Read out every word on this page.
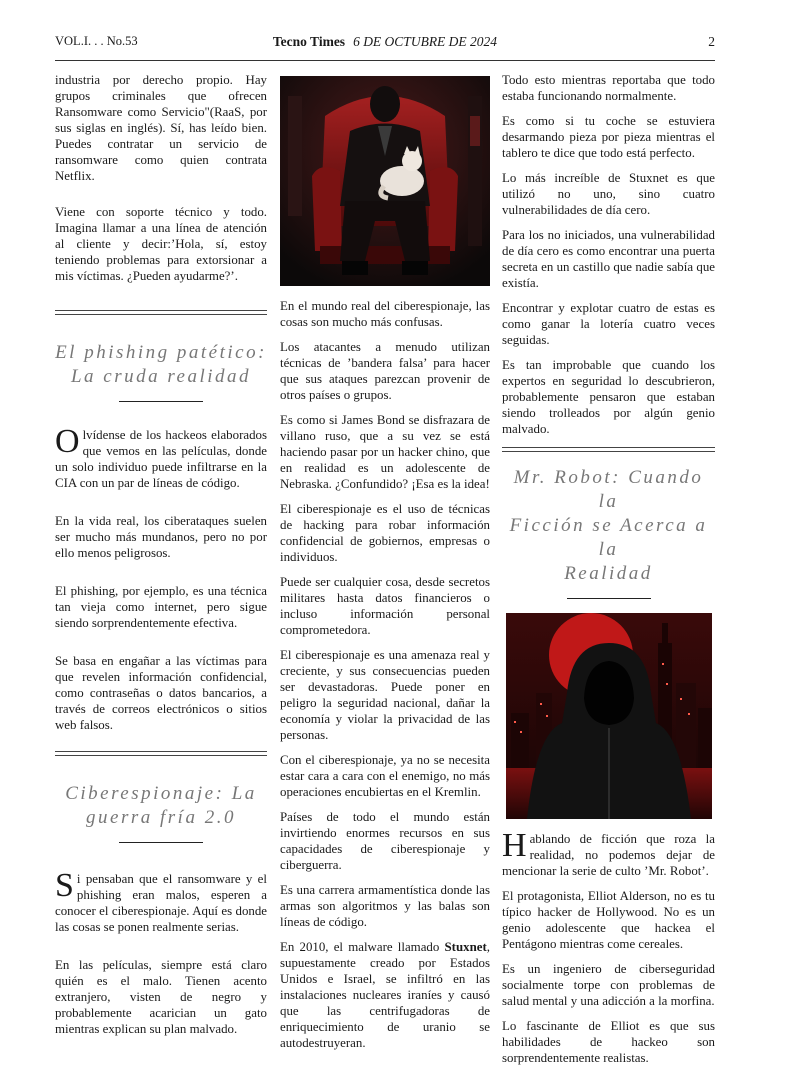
VOL.I. . . No.53	Tecno Times 6 DE OCTUBRE DE 2024	2

industria por derecho propio. Hay grupos criminales que ofrecen Ransomware como Servicio"(RaaS, por sus siglas en inglés). Sí, has leído bien. Puedes contratar un servicio de ransomware como quien contrata Netflix.

Viene con soporte técnico y todo. Imagina llamar a una línea de atención al cliente y decir:’Hola, sí, estoy teniendo problemas para extorsionar a mis víctimas. ¿Pueden ayudarme?’.

El phishing patético:
La cruda realidad

Olvídense de los hackeos elaborados que vemos en las películas, donde un solo individuo puede infiltrarse en la CIA con un par de líneas de código.

En la vida real, los ciberataques suelen ser mucho más mundanos, pero no por ello menos peligrosos.

El phishing, por ejemplo, es una técnica tan vieja como internet, pero sigue siendo sorprendentemente efectiva.

Se basa en engañar a las víctimas para que revelen información confidencial, como contraseñas o datos bancarios, a través de correos electrónicos o sitios web falsos.

Ciberespionaje: La
guerra fría 2.0

Si pensaban que el ransomware y el phishing eran malos, esperen a conocer el ciberespionaje. Aquí es donde las cosas se ponen realmente serias.

En las películas, siempre está claro quién es el malo. Tienen acento extranjero, visten de negro y probablemente acarician un gato mientras explican su plan malvado.

En el mundo real del ciberespionaje, las cosas son mucho más confusas.

Los atacantes a menudo utilizan técnicas de ’bandera falsa’ para hacer que sus ataques parezcan provenir de otros países o grupos.

Es como si James Bond se disfrazara de villano ruso, que a su vez se está haciendo pasar por un hacker chino, que en realidad es un adolescente de Nebraska. ¿Confundido? ¡Esa es la idea!

El ciberespionaje es el uso de técnicas de hacking para robar información confidencial de gobiernos, empresas o individuos.

Puede ser cualquier cosa, desde secretos militares hasta datos financieros o incluso información personal comprometedora.

El ciberespionaje es una amenaza real y creciente, y sus consecuencias pueden ser devastadoras. Puede poner en peligro la seguridad nacional, dañar la economía y violar la privacidad de las personas.

Con el ciberespionaje, ya no se necesita estar cara a cara con el enemigo, no más operaciones encubiertas en el Kremlin.

Países de todo el mundo están invirtiendo enormes recursos en sus capacidades de ciberespionaje y ciberguerra.

Es una carrera armamentística donde las armas son algoritmos y las balas son líneas de código.

En 2010, el malware llamado Stuxnet, supuestamente creado por Estados Unidos e Israel, se infiltró en las instalaciones nucleares iraníes y causó que las centrifugadoras de enriquecimiento de uranio se autodestruyeran.

Todo esto mientras reportaba que todo estaba funcionando normalmente.

Es como si tu coche se estuviera desarmando pieza por pieza mientras el tablero te dice que todo está perfecto.

Lo más increíble de Stuxnet es que utilizó no uno, sino cuatro vulnerabilidades de día cero.

Para los no iniciados, una vulnerabilidad de día cero es como encontrar una puerta secreta en un castillo que nadie sabía que existía.

Encontrar y explotar cuatro de estas es como ganar la lotería cuatro veces seguidas.

Es tan improbable que cuando los expertos en seguridad lo descubrieron, probablemente pensaron que estaban siendo trolleados por algún genio malvado.

Mr. Robot: Cuando la
Ficción se Acerca a la
Realidad

Hablando de ficción que roza la realidad, no podemos dejar de mencionar la serie de culto ’Mr. Robot’.

El protagonista, Elliot Alderson, no es tu típico hacker de Hollywood. No es un genio adolescente que hackea el Pentágono mientras come cereales.

Es un ingeniero de ciberseguridad socialmente torpe con problemas de salud mental y una adicción a la morfina.

Lo fascinante de Elliot es que sus habilidades de hackeo son sorprendentemente realistas.
